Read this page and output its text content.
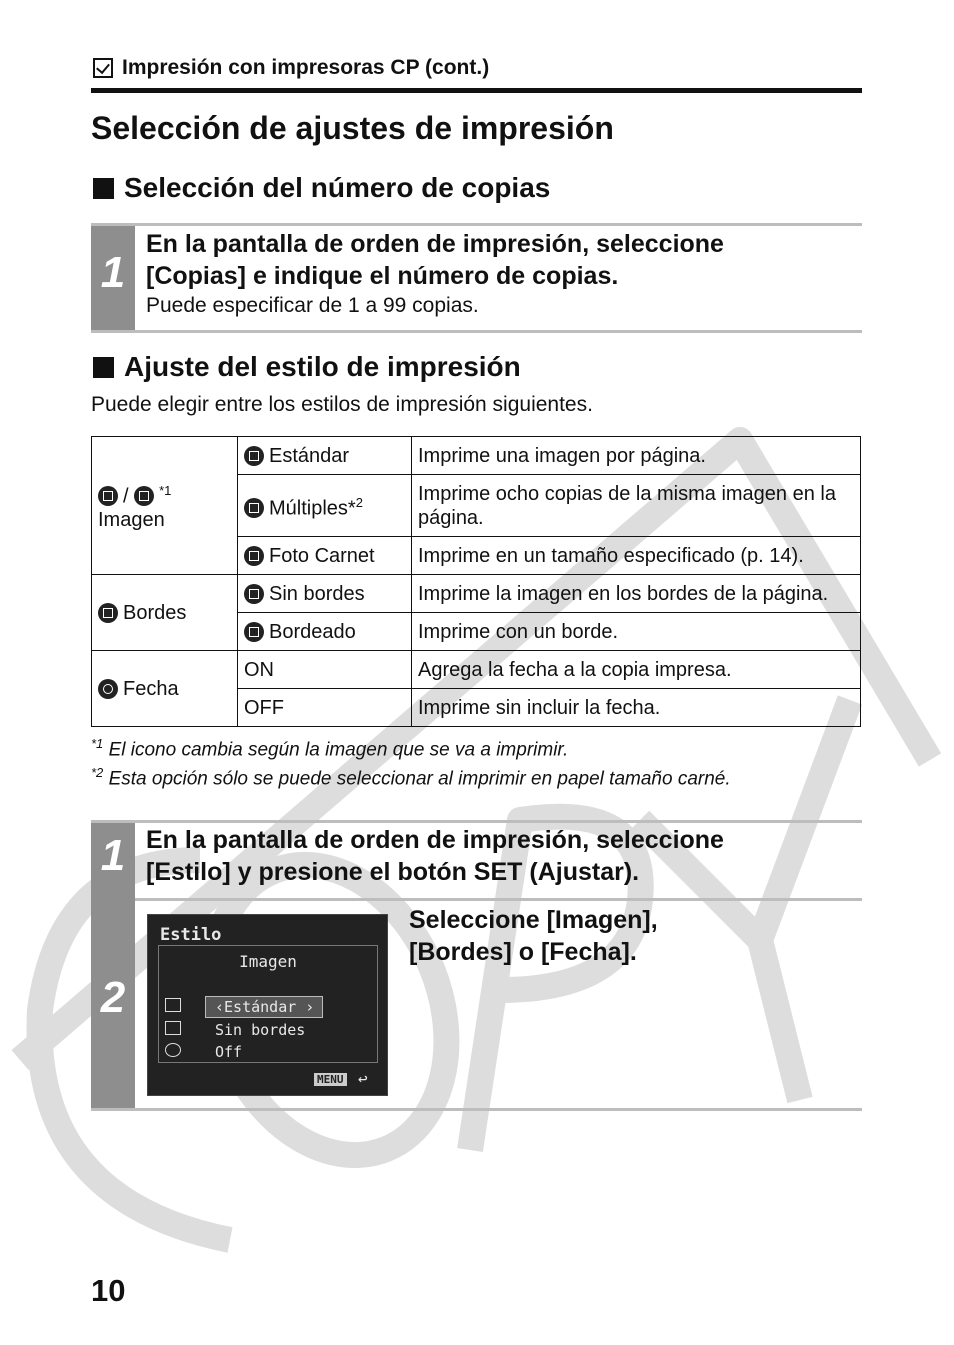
Impresión con impresoras CP (cont.)
Selección de ajustes de impresión
Selección del número de copias
1
En la pantalla de orden de impresión, seleccione
[Copias] e indique el número de copias.
Puede especificar de 1 a 99 copias.
Ajuste del estilo de impresión
Puede elegir entre los estilos de impresión siguientes.
/ $^{*1}$
Imagen	Estándar	Imprime una imagen por página.
	Múltiples*$^2$	Imprime ocho copias de la misma imagen en la página.
	Foto Carnet	Imprime en un tamaño especificado (p. 14).
Bordes	Sin bordes	Imprime la imagen en los bordes de la página.
	Bordeado	Imprime con un borde.
Fecha	ON	Agrega la fecha a la copia impresa.
	OFF	Imprime sin incluir la fecha.
$^{*1}$ El icono cambia según la imagen que se va a imprimir.
$^{*2}$ Esta opción sólo se puede seleccionar al imprimir en papel tamaño carné.
1
2
En la pantalla de orden de impresión, seleccione
[Estilo] y presione el botón SET (Ajustar).
Estilo
Imagen
‹Estándar ›
Sin bordes
Off
MENU ↩
Seleccione [Imagen],
[Bordes] o [Fecha].
10
